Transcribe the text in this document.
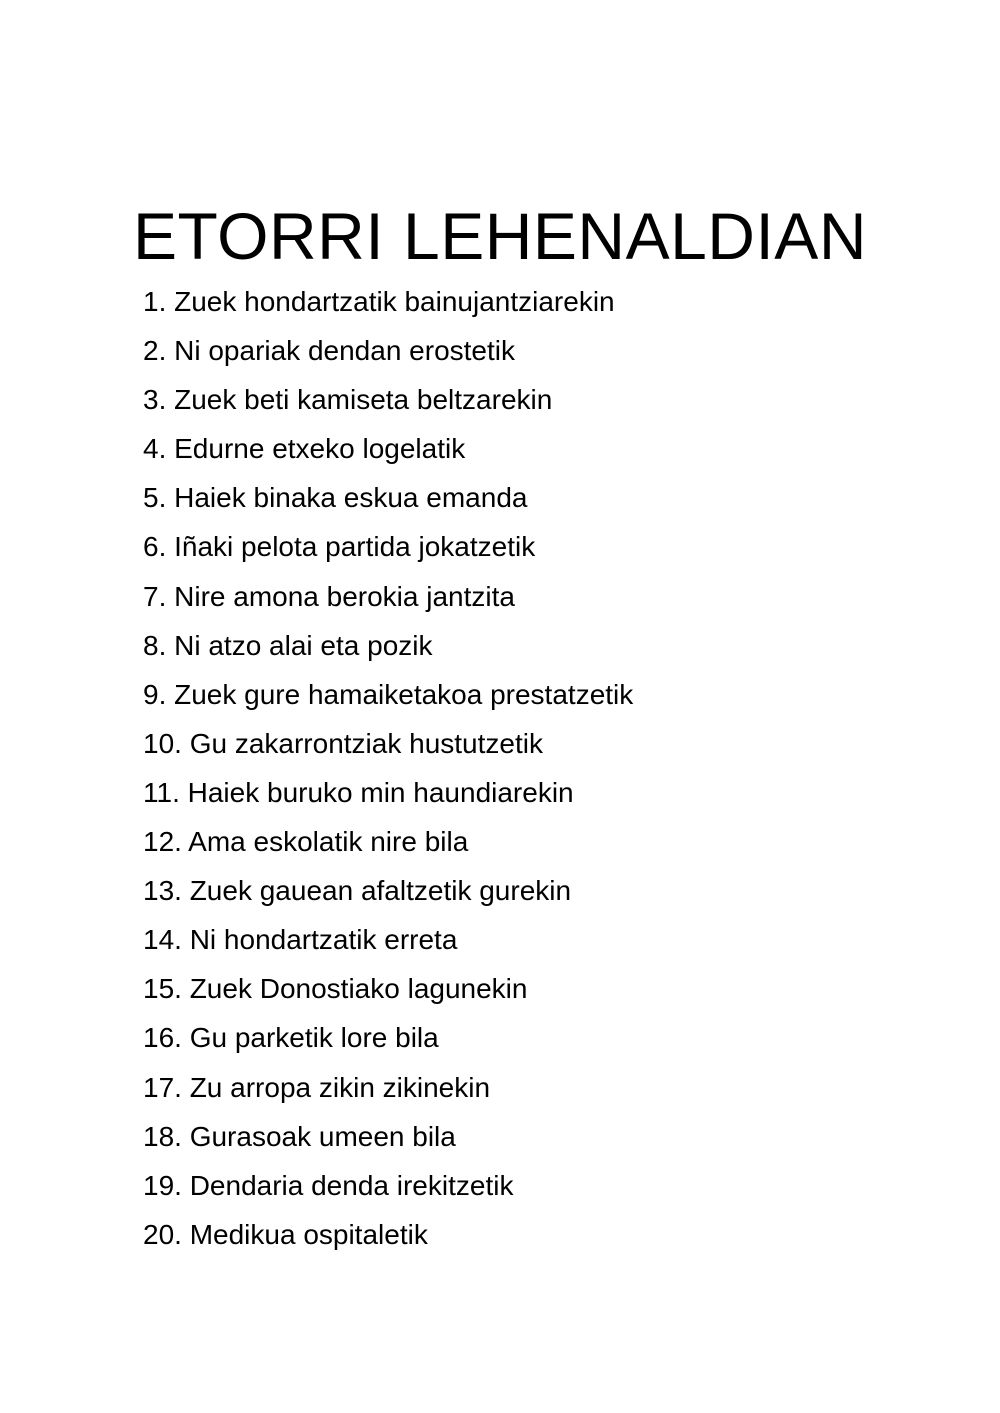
ETORRI LEHENALDIAN
1. Zuek hondartzatik bainujantziarekin
2. Ni opariak dendan erostetik
3. Zuek beti kamiseta beltzarekin
4. Edurne etxeko logelatik
5. Haiek binaka eskua emanda
6. Iñaki pelota partida jokatzetik
7. Nire amona berokia jantzita
8. Ni atzo alai eta pozik
9. Zuek gure hamaiketakoa prestatzetik
10. Gu zakarrontziak hustutzetik
11. Haiek buruko min haundiarekin
12. Ama eskolatik nire bila
13. Zuek gauean afaltzetik gurekin
14. Ni hondartzatik erreta
15. Zuek Donostiako lagunekin
16. Gu parketik lore bila
17. Zu arropa zikin zikinekin
18. Gurasoak umeen bila
19. Dendaria denda irekitzetik
20. Medikua ospitaletik
